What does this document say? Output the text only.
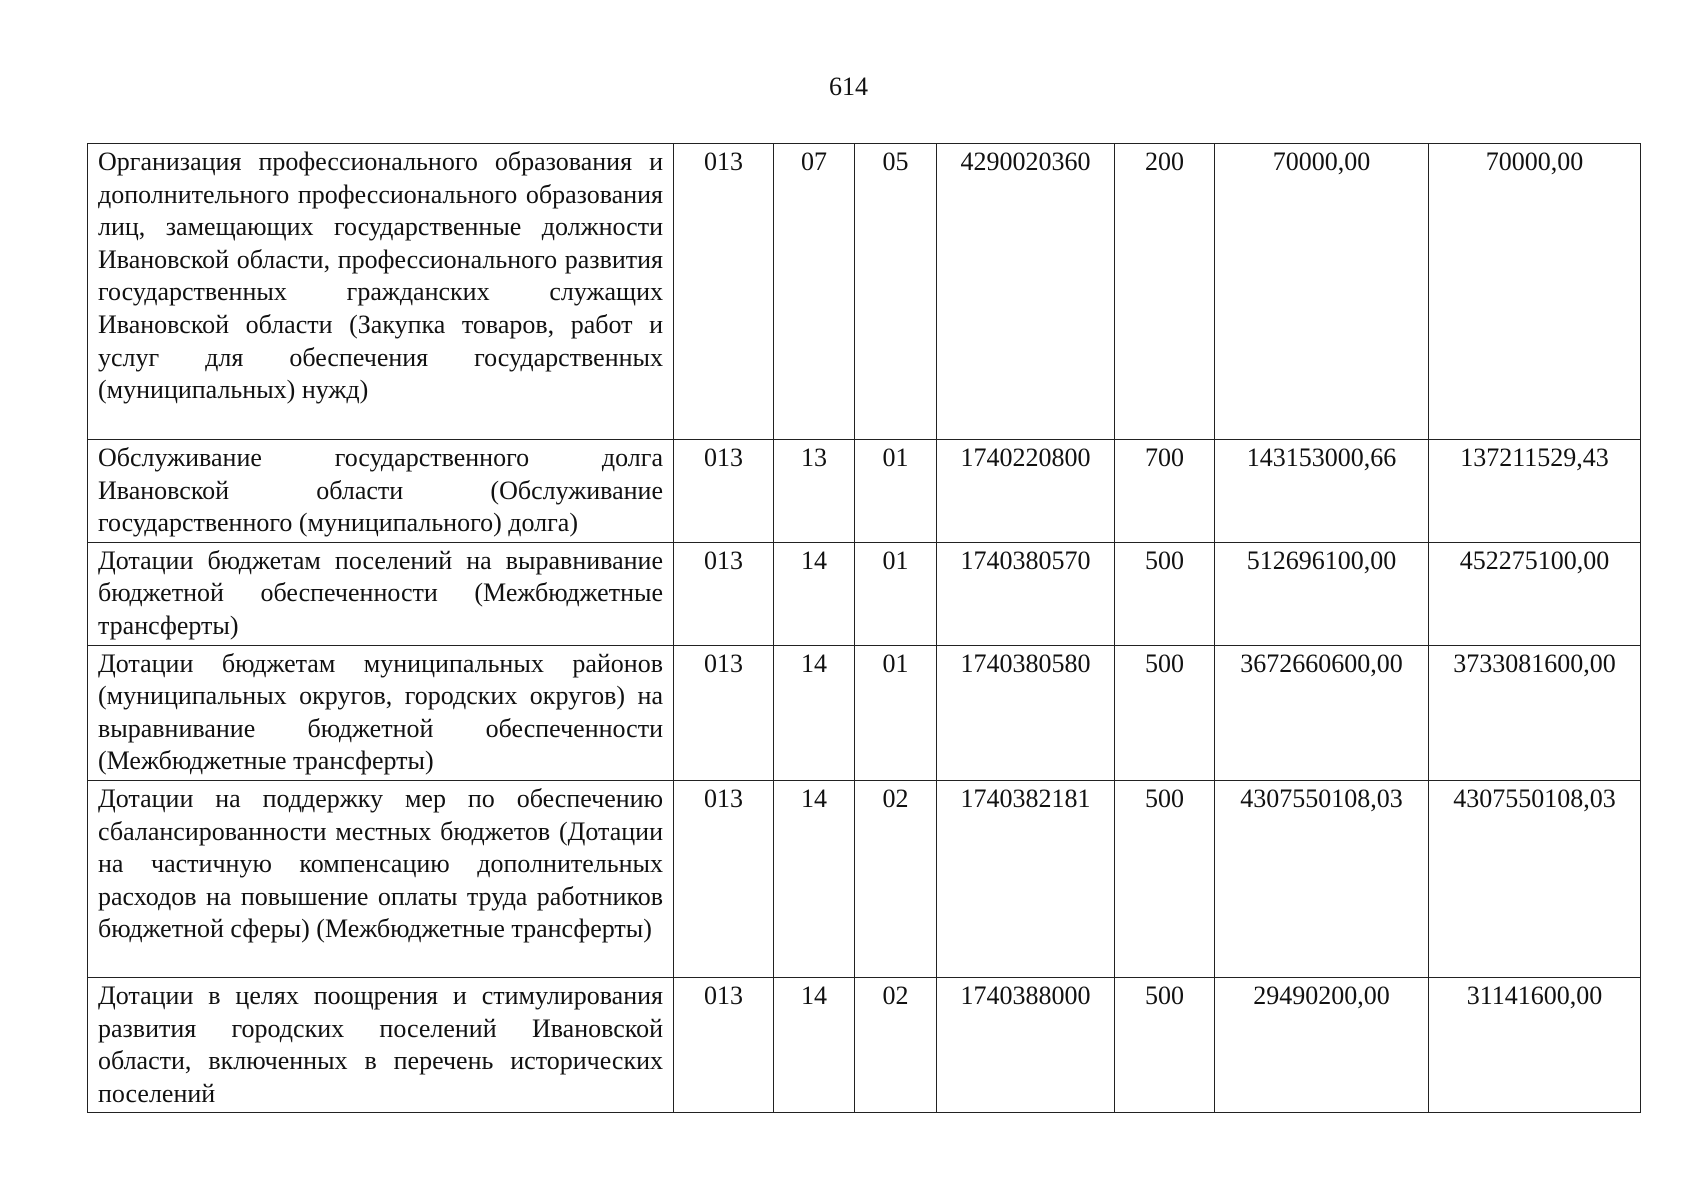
614
Организация профессионального образования и дополнительного профессионального образования лиц, замещающих государственные должности Ивановской области, профессионального развития государственных гражданских служащих Ивановской области (Закупка товаров, работ и услуг для обеспечения государственных (муниципальных) нужд)	013	07	05	4290020360	200	70000,00	70000,00
Обслуживание государственного долга Ивановской области (Обслуживание государственного (муниципального) долга)	013	13	01	1740220800	700	143153000,66	137211529,43
Дотации бюджетам поселений на выравнивание бюджетной обеспеченности (Межбюджетные трансферты)	013	14	01	1740380570	500	512696100,00	452275100,00
Дотации бюджетам муниципальных районов (муниципальных округов, городских округов) на выравнивание бюджетной обеспеченности (Межбюджетные трансферты)	013	14	01	1740380580	500	3672660600,00	3733081600,00
Дотации на поддержку мер по обеспечению сбалансированности местных бюджетов (Дотации на частичную компенсацию дополнительных расходов на повышение оплаты труда работников бюджетной сферы) (Межбюджетные трансферты)	013	14	02	1740382181	500	4307550108,03	4307550108,03
Дотации в целях поощрения и стимулирования развития городских поселений Ивановской области, включенных в перечень исторических поселений	013	14	02	1740388000	500	29490200,00	31141600,00
